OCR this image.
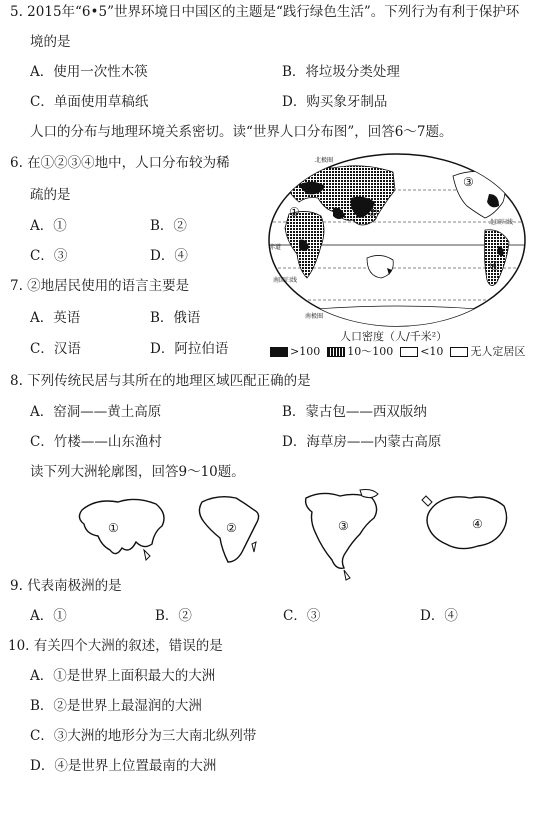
5. 2015年“6•5”世界环境日中国区的主题是“践行绿色生活”。下列行为有利于保护环
境的是
A．使用一次性木筷	B．将垃圾分类处理
C．单面使用草稿纸	D．购买象牙制品
人口的分布与地理环境关系密切。读“世界人口分布图”，回答6～7题。
6. 在①②③④地中，人口分布较为稀
疏的是
A．①	B．②
C．③	D．④
7. ②地居民使用的语言主要是
A．英语	B．俄语
C．汉语	D．阿拉伯语
北极圈
北回归线
赤道
南回归线
南极圈
①	②
③
④
人口密度（人/千米²）
>100 10～100 <10 无人定居区
8. 下列传统民居与其所在的地理区域匹配正确的是
A．窑洞——黄土高原	B．蒙古包——西双版纳
C．竹楼——山东渔村	D．海草房——内蒙古高原
读下列大洲轮廓图，回答9～10题。
①	②	③	④
9. 代表南极洲的是
A．①	B．②	C．③	D．④
10. 有关四个大洲的叙述，错误的是
A．①是世界上面积最大的大洲
B．②是世界上最湿润的大洲
C．③大洲的地形分为三大南北纵列带
D．④是世界上位置最南的大洲
